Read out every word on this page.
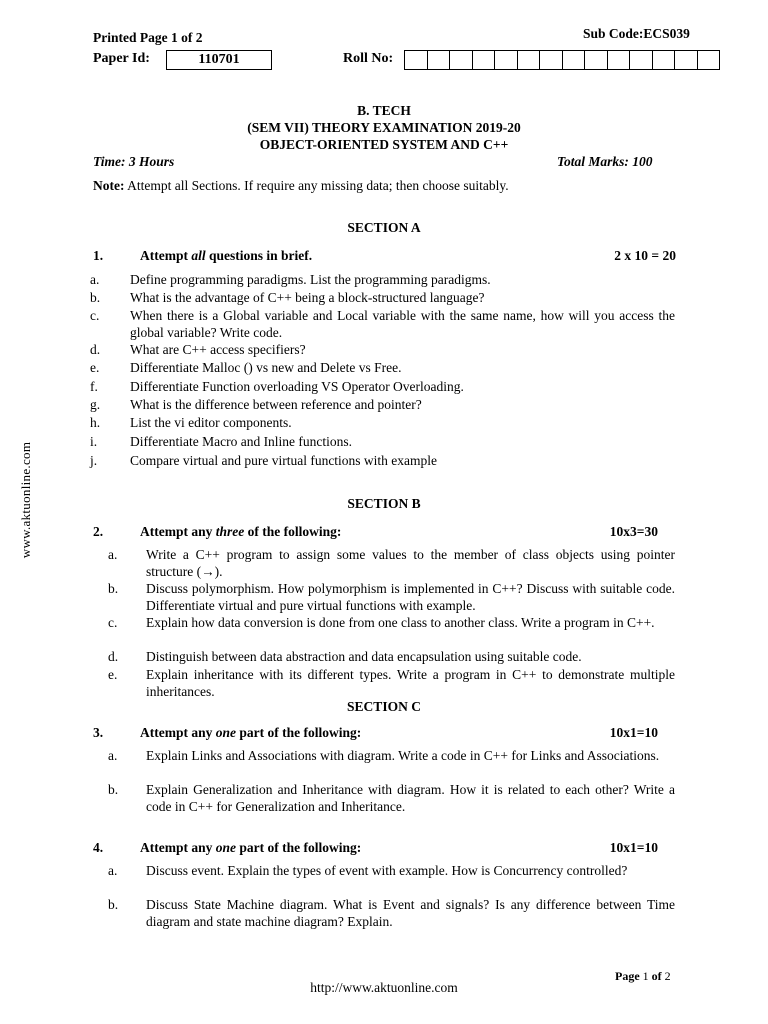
www.aktuonline.com
Printed Page 1 of 2	Sub Code:ECS039
Paper Id:	110701	Roll No:
B. TECH
(SEM VII) THEORY EXAMINATION 2019-20
OBJECT-ORIENTED SYSTEM AND C++
Time: 3 Hours	Total Marks: 100
Note: Attempt all Sections. If require any missing data; then choose suitably.
SECTION A
1.	Attempt all questions in brief.	2 x 10 = 20
a. Define programming paradigms. List the programming paradigms.
b. What is the advantage of C++ being a block-structured language?
c. When there is a Global variable and Local variable with the same name, how will you access the global variable? Write code.
d. What are C++ access specifiers?
e. Differentiate Malloc () vs new and Delete vs Free.
f. Differentiate Function overloading VS Operator Overloading.
g. What is the difference between reference and pointer?
h. List the vi editor components.
i. Differentiate Macro and Inline functions.
j. Compare virtual and pure virtual functions with example
SECTION B
2.	Attempt any three of the following:	10x3=30
a. Write a C++ program to assign some values to the member of class objects using pointer structure (→).
b. Discuss polymorphism. How polymorphism is implemented in C++? Discuss with suitable code. Differentiate virtual and pure virtual functions with example.
c. Explain how data conversion is done from one class to another class. Write a program in C++.
d. Distinguish between data abstraction and data encapsulation using suitable code.
e. Explain inheritance with its different types. Write a program in C++ to demonstrate multiple inheritances.
SECTION C
3.	Attempt any one part of the following:	10x1=10
a. Explain Links and Associations with diagram. Write a code in C++ for Links and Associations.
b. Explain Generalization and Inheritance with diagram. How it is related to each other? Write a code in C++ for Generalization and Inheritance.
4.	Attempt any one part of the following:	10x1=10
a. Discuss event. Explain the types of event with example. How is Concurrency controlled?
b. Discuss State Machine diagram. What is Event and signals? Is any difference between Time diagram and state machine diagram? Explain.
Page 1 of 2
http://www.aktuonline.com
